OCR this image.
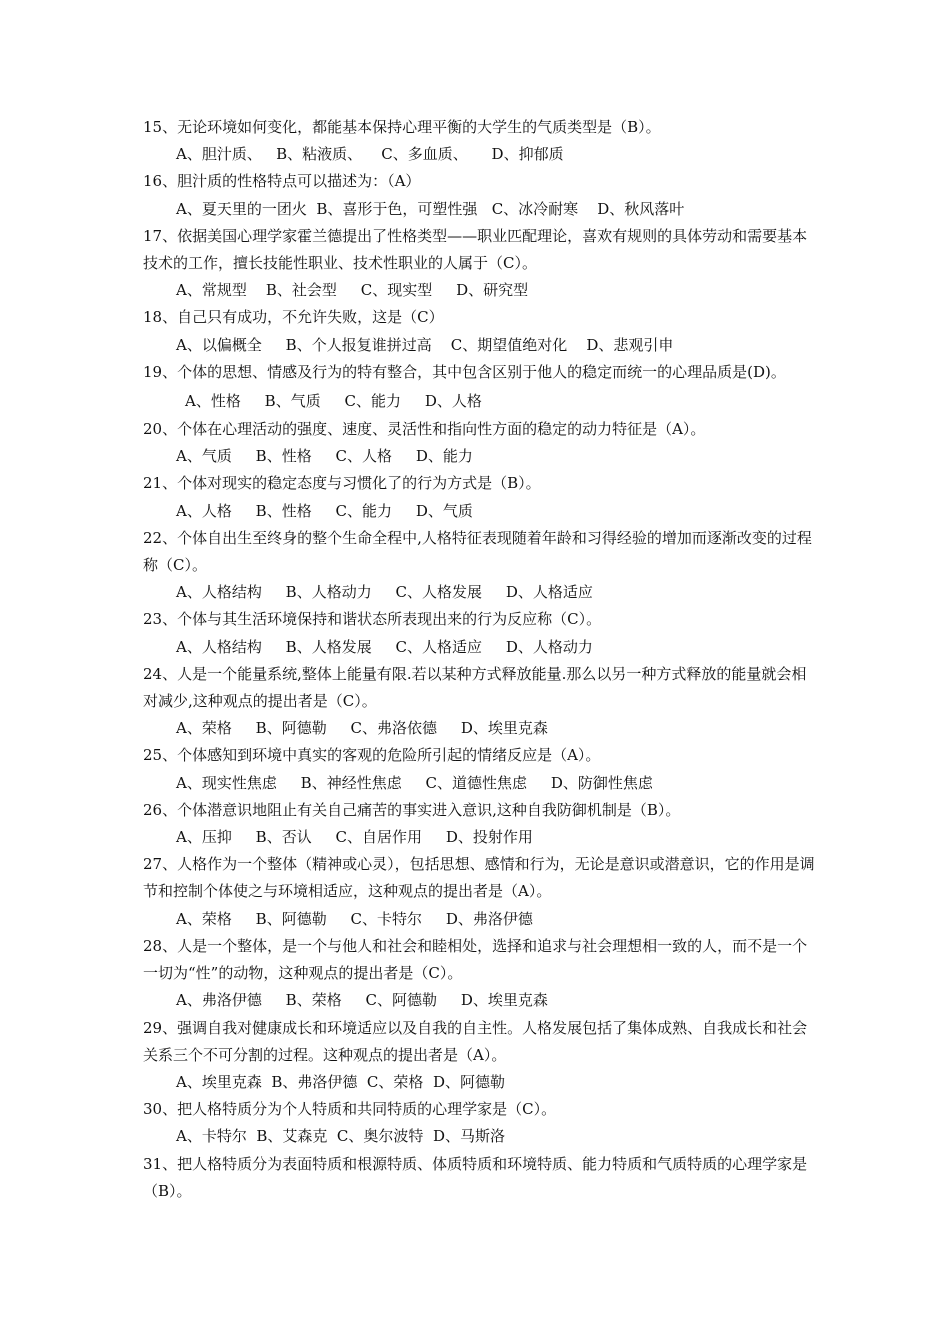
15、无论环境如何变化，都能基本保持心理平衡的大学生的气质类型是（B）。

A、胆汁质、   B、粘液质、    C、多血质、     D、抑郁质

16、胆汁质的性格特点可以描述为：（A）

A、夏天里的一团火  B、喜形于色，可塑性强   C、冰冷耐寒    D、秋风落叶

17、依据美国心理学家霍兰德提出了性格类型——职业匹配理论，喜欢有规则的具体劳动和需要基本技术的工作，擅长技能性职业、技术性职业的人属于（C）。

A、常规型    B、社会型     C、现实型     D、研究型

18、自己只有成功，不允许失败，这是（C）

A、以偏概全     B、个人报复谁拼过高    C、期望值绝对化    D、悲观引申

19、个体的思想、情感及行为的特有整合，其中包含区别于他人的稳定而统一的心理品质是(D)。

A、性格     B、气质     C、能力     D、人格

20、个体在心理活动的强度、速度、灵活性和指向性方面的稳定的动力特征是（A）。

A、气质     B、性格     C、人格     D、能力

21、个体对现实的稳定态度与习惯化了的行为方式是（B）。

A、人格     B、性格     C、能力     D、气质

22、个体自出生至终身的整个生命全程中,人格特征表现随着年龄和习得经验的增加而逐渐改变的过程称（C）。

A、人格结构     B、人格动力     C、人格发展     D、人格适应

23、个体与其生活环境保持和谐状态所表现出来的行为反应称（C）。

A、人格结构     B、人格发展     C、人格适应     D、人格动力

24、人是一个能量系统,整体上能量有限.若以某种方式释放能量.那么以另一种方式释放的能量就会相对减少,这种观点的提出者是（C）。

A、荣格     B、阿德勒     C、弗洛依德     D、埃里克森

25、个体感知到环境中真实的客观的危险所引起的情绪反应是（A）。

A、现实性焦虑     B、神经性焦虑     C、道德性焦虑     D、防御性焦虑

26、个体潜意识地阻止有关自己痛苦的事实进入意识,这种自我防御机制是（B）。

A、压抑     B、否认     C、自居作用     D、投射作用

27、人格作为一个整体（精神或心灵），包括思想、感情和行为，无论是意识或潜意识，它的作用是调节和控制个体使之与环境相适应，这种观点的提出者是（A）。

A、荣格     B、阿德勒     C、卡特尔     D、弗洛伊德

28、人是一个整体，是一个与他人和社会和睦相处，选择和追求与社会理想相一致的人，而不是一个一切为“性”的动物，这种观点的提出者是（C）。

A、弗洛伊德     B、荣格     C、阿德勒     D、埃里克森

29、强调自我对健康成长和环境适应以及自我的自主性。人格发展包括了集体成熟、自我成长和社会关系三个不可分割的过程。这种观点的提出者是（A）。

A、埃里克森  B、弗洛伊德  C、荣格  D、阿德勒

30、把人格特质分为个人特质和共同特质的心理学家是（C）。

A、卡特尔  B、艾森克  C、奥尔波特  D、马斯洛

31、把人格特质分为表面特质和根源特质、体质特质和环境特质、能力特质和气质特质的心理学家是（B）。
